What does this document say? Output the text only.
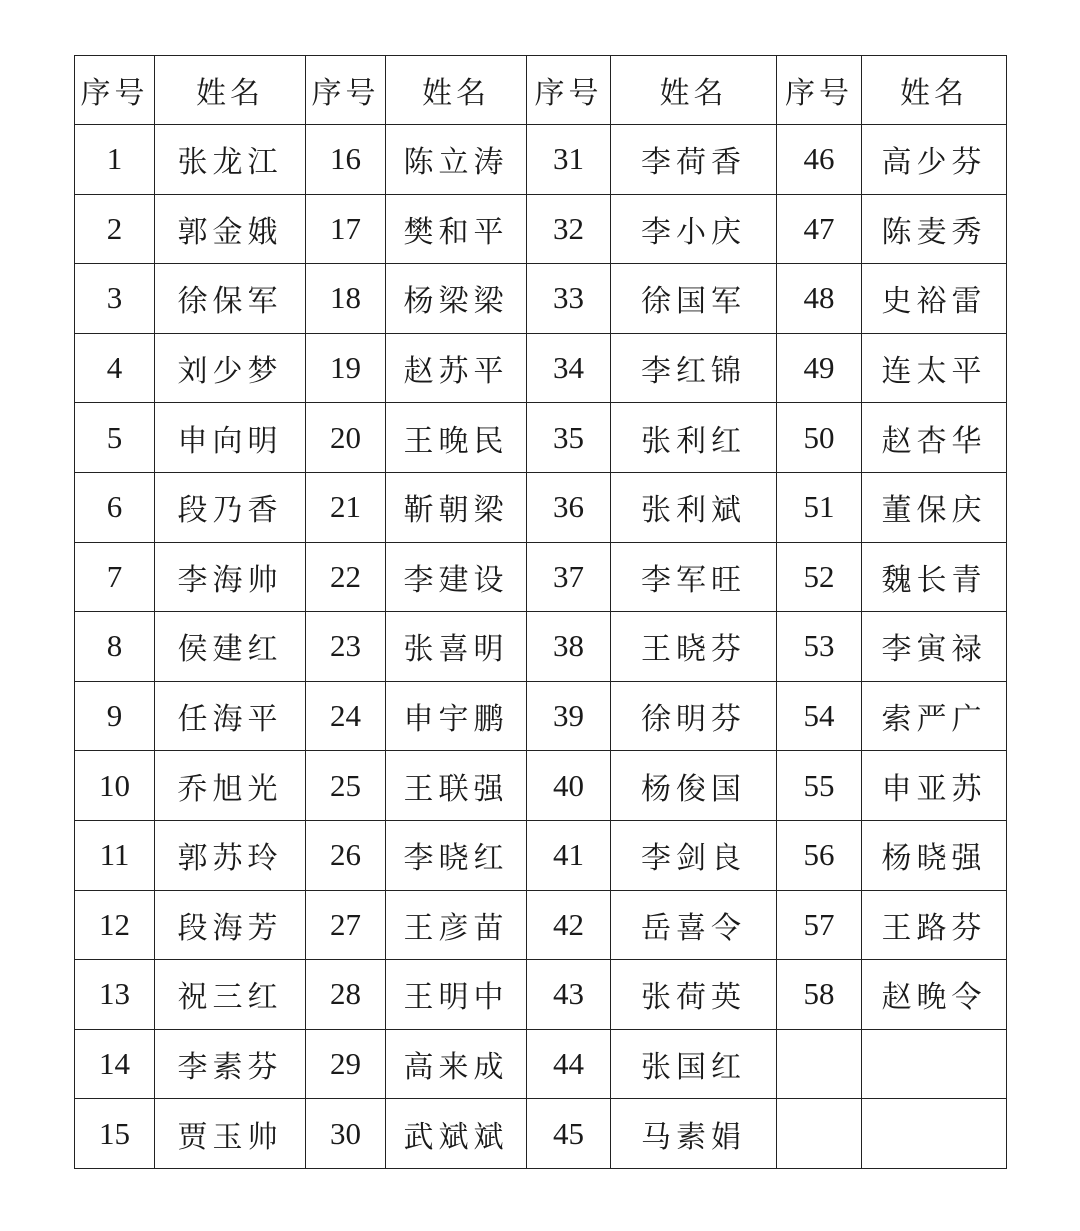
序号	姓名	序号	姓名	序号	姓名	序号	姓名
1	张龙江	16	陈立涛	31	李荷香	46	高少芬
2	郭金娥	17	樊和平	32	李小庆	47	陈麦秀
3	徐保军	18	杨梁梁	33	徐国军	48	史裕雷
4	刘少梦	19	赵苏平	34	李红锦	49	连太平
5	申向明	20	王晚民	35	张利红	50	赵杏华
6	段乃香	21	靳朝梁	36	张利斌	51	董保庆
7	李海帅	22	李建设	37	李军旺	52	魏长青
8	侯建红	23	张喜明	38	王晓芬	53	李寅禄
9	任海平	24	申宇鹏	39	徐明芬	54	索严广
10	乔旭光	25	王联强	40	杨俊国	55	申亚苏
11	郭苏玲	26	李晓红	41	李剑良	56	杨晓强
12	段海芳	27	王彦苗	42	岳喜令	57	王路芬
13	祝三红	28	王明中	43	张荷英	58	赵晚令
14	李素芬	29	高来成	44	张国红		
15	贾玉帅	30	武斌斌	45	马素娟		
